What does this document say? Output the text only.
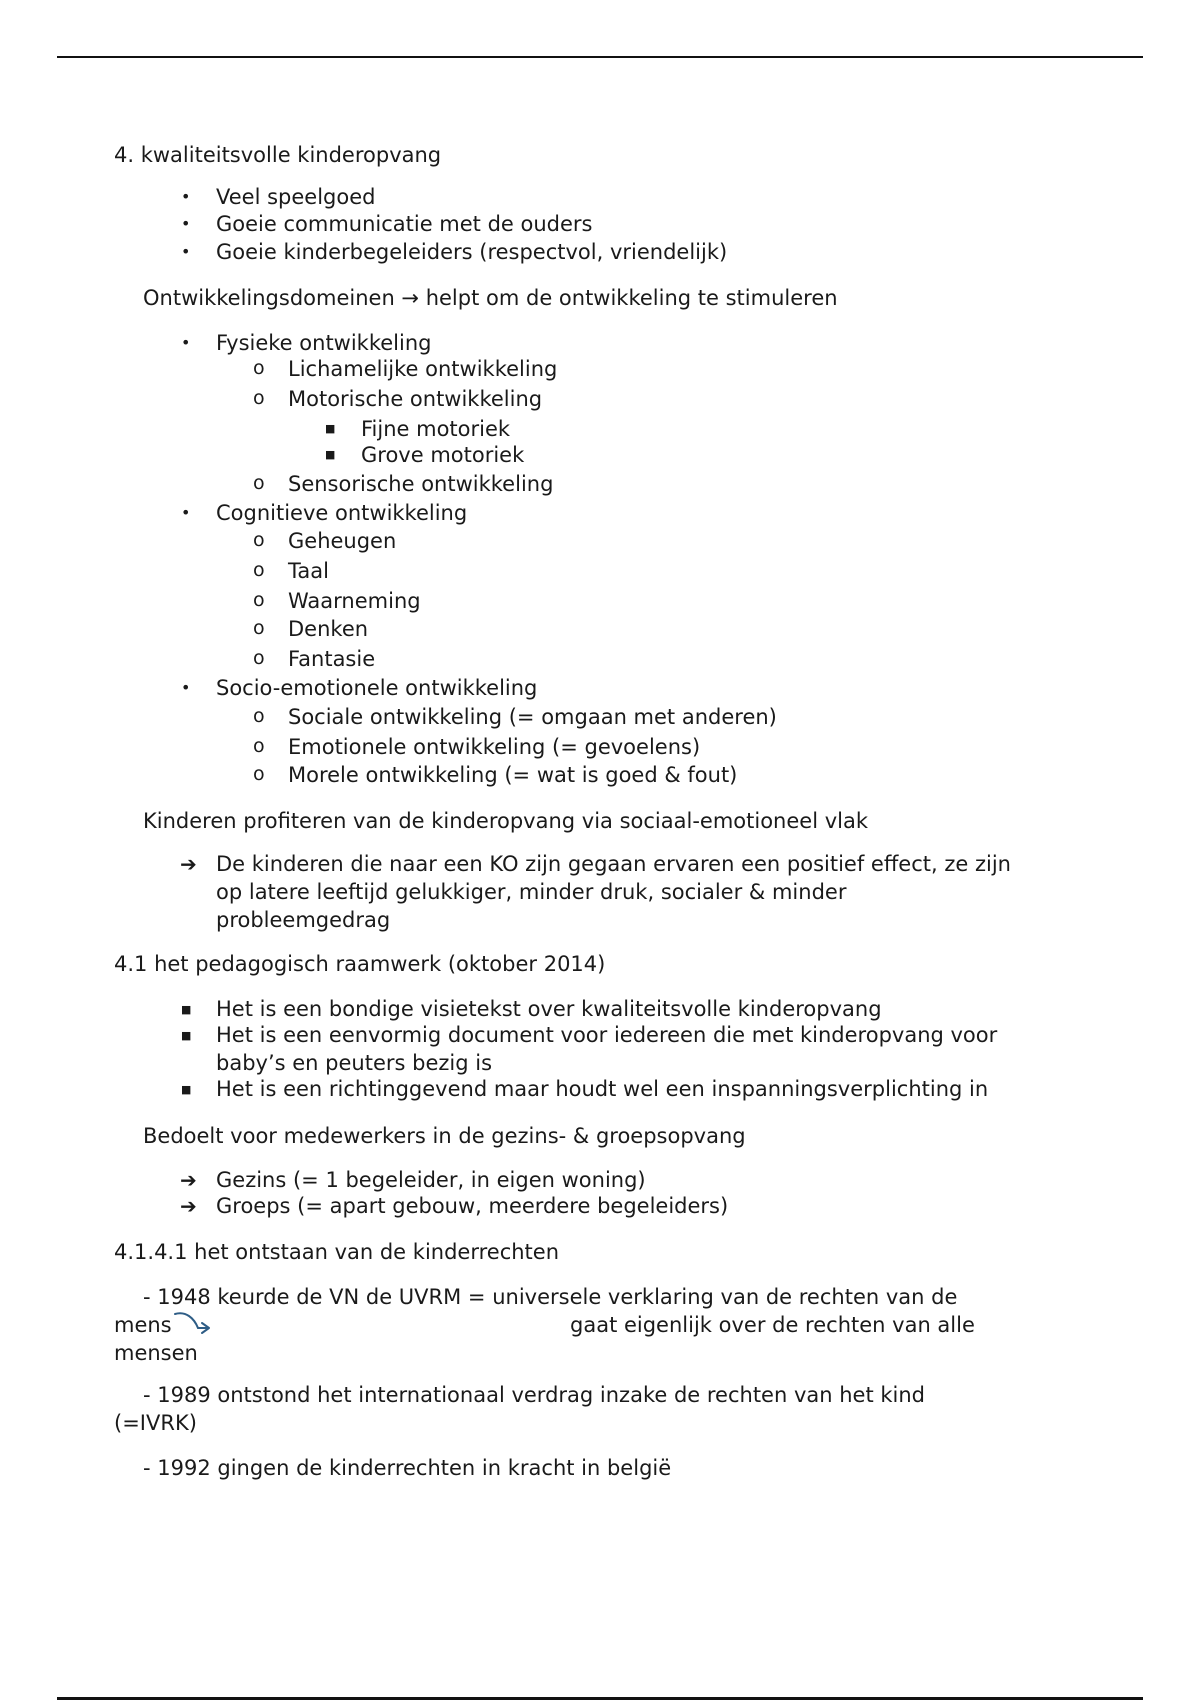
4. kwaliteitsvolle kinderopvang
• Veel speelgoed
• Goeie communicatie met de ouders
• Goeie kinderbegeleiders (respectvol, vriendelijk)
Ontwikkelingsdomeinen → helpt om de ontwikkeling te stimuleren
• Fysieke ontwikkeling
o Lichamelijke ontwikkeling
o Motorische ontwikkeling
■ Fijne motoriek
■ Grove motoriek
o Sensorische ontwikkeling
• Cognitieve ontwikkeling
o Geheugen
o Taal
o Waarneming
o Denken
o Fantasie
• Socio-emotionele ontwikkeling
o Sociale ontwikkeling (= omgaan met anderen)
o Emotionele ontwikkeling (= gevoelens)
o Morele ontwikkeling (= wat is goed & fout)
Kinderen profiteren van de kinderopvang via sociaal-emotioneel vlak
➔ De kinderen die naar een KO zijn gegaan ervaren een positief effect, ze zijn
op latere leeftijd gelukkiger, minder druk, socialer & minder
probleemgedrag
4.1 het pedagogisch raamwerk (oktober 2014)
■ Het is een bondige visietekst over kwaliteitsvolle kinderopvang
■ Het is een eenvormig document voor iedereen die met kinderopvang voor
baby’s en peuters bezig is
■ Het is een richtinggevend maar houdt wel een inspanningsverplichting in
Bedoelt voor medewerkers in de gezins- & groepsopvang
➔ Gezins (= 1 begeleider, in eigen woning)
➔ Groeps (= apart gebouw, meerdere begeleiders)
4.1.4.1 het ontstaan van de kinderrechten
- 1948 keurde de VN de UVRM = universele verklaring van de rechten van de
mens	gaat eigenlijk over de rechten van alle
mensen
- 1989 ontstond het internationaal verdrag inzake de rechten van het kind
(=IVRK)
- 1992 gingen de kinderrechten in kracht in belgië
